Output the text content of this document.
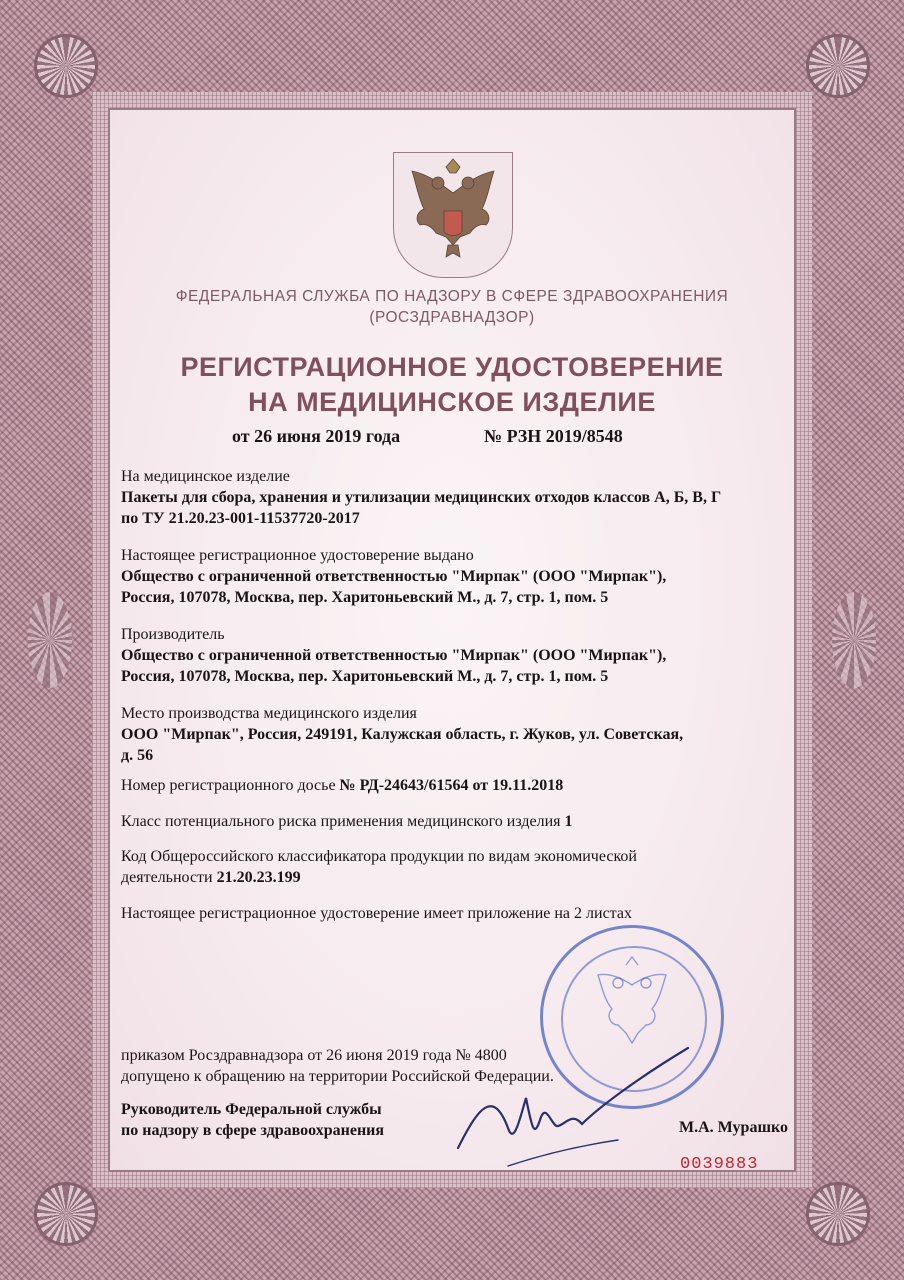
ФЕДЕРАЛЬНАЯ СЛУЖБА ПО НАДЗОРУ В СФЕРЕ ЗДРАВООХРАНЕНИЯ
(РОСЗДРАВНАДЗОР)
РЕГИСТРАЦИОННОЕ УДОСТОВЕРЕНИЕ
НА МЕДИЦИНСКОЕ ИЗДЕЛИЕ
от 26 июня 2019 года	№ РЗН 2019/8548
На медицинское изделие
Пакеты для сбора, хранения и утилизации медицинских отходов классов А, Б, В, Г
по ТУ 21.20.23-001-11537720-2017
Настоящее регистрационное удостоверение выдано
Общество с ограниченной ответственностью "Мирпак" (ООО "Мирпак"),
Россия, 107078, Москва, пер. Харитоньевский М., д. 7, стр. 1, пом. 5
Производитель
Общество с ограниченной ответственностью "Мирпак" (ООО "Мирпак"),
Россия, 107078, Москва, пер. Харитоньевский М., д. 7, стр. 1, пом. 5
Место производства медицинского изделия
ООО "Мирпак", Россия, 249191, Калужская область, г. Жуков, ул. Советская,
д. 56
Номер регистрационного досье № РД-24643/61564 от 19.11.2018
Класс потенциального риска применения медицинского изделия 1
Код Общероссийского классификатора продукции по видам экономической
деятельности 21.20.23.199
Настоящее регистрационное удостоверение имеет приложение на 2 листах
приказом Росздравнадзора от 26 июня 2019 года № 4800
допущено к обращению на территории Российской Федерации.
Руководитель Федеральной службы
по надзору в сфере здравоохранения	М.А. Мурашко
0039883
